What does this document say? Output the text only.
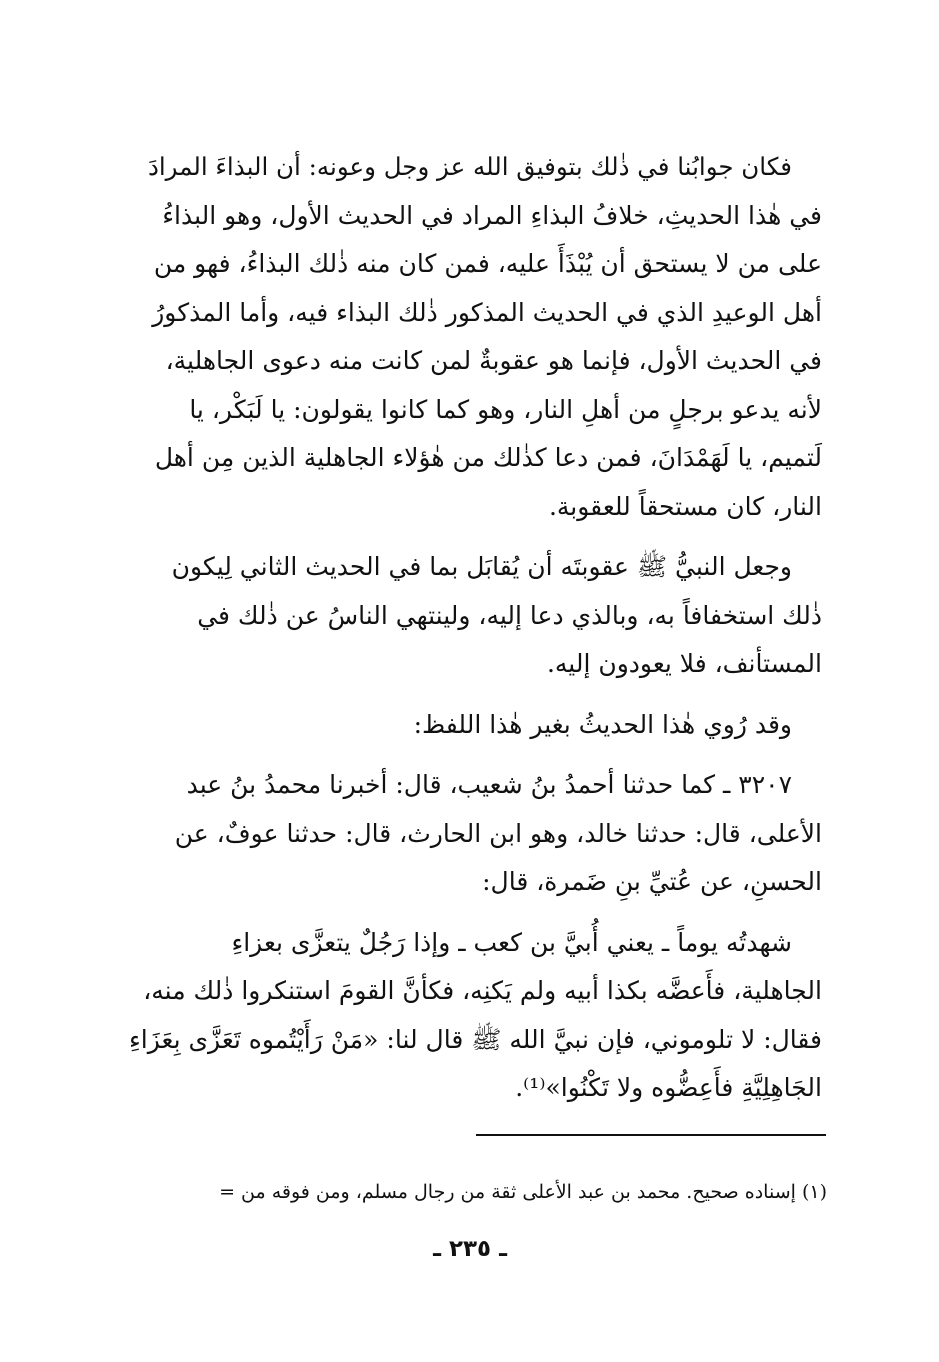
فكان جوابُنا في ذٰلك بتوفيق الله عز وجل وعونه: أن البذاءَ المرادَ
في هٰذا الحديثِ، خلافُ البذاءِ المراد في الحديث الأول، وهو البذاءُ
على من لا يستحق أن يُبْذَأَ عليه، فمن كان منه ذٰلك البذاءُ، فهو من
أهل الوعيدِ الذي في الحديث المذكور ذٰلك البذاء فيه، وأما المذكورُ
في الحديث الأول، فإنما هو عقوبةٌ لمن كانت منه دعوى الجاهلية،
لأنه يدعو برجلٍ من أهلِ النار، وهو كما كانوا يقولون: يا لَبَكْر، يا
لَتميم، يا لَهَمْدَانَ، فمن دعا كذٰلك من هٰؤلاء الجاهلية الذين مِن أهل
النار، كان مستحقاً للعقوبة.

وجعل النبيُّ ﷺ عقوبتَه أن يُقابَل بما في الحديث الثاني لِيكون
ذٰلك استخفافاً به، وبالذي دعا إليه، ولينتهي الناسُ عن ذٰلك في
المستأنف، فلا يعودون إليه.

وقد رُوي هٰذا الحديثُ بغير هٰذا اللفظ:

٣٢٠٧ ـ كما حدثنا أحمدُ بنُ شعيب، قال: أخبرنا محمدُ بنُ عبد
الأعلى، قال: حدثنا خالد، وهو ابن الحارث، قال: حدثنا عوفٌ، عن
الحسنِ، عن عُتيِّ بنِ ضَمرة، قال:

شهدتُه يوماً ـ يعني أُبيَّ بن كعب ـ وإذا رَجُلٌ يتعزَّى بعزاءِ
الجاهلية، فأَعضَّه بكذا أبيه ولم يَكنِه، فكأنَّ القومَ استنكروا ذٰلك منه،
فقال: لا تلوموني، فإن نبيَّ الله ﷺ قال لنا: «مَنْ رَأَيْتُموه تَعَزَّى بِعَزَاءِ
الجَاهِلِيَّةِ فأَعِضُّوه ولا تَكْنُوا»⁽¹⁾.

(١) إسناده صحيح. محمد بن عبد الأعلى ثقة من رجال مسلم، ومن فوقه من =
ـ ٢٣٥ ـ
